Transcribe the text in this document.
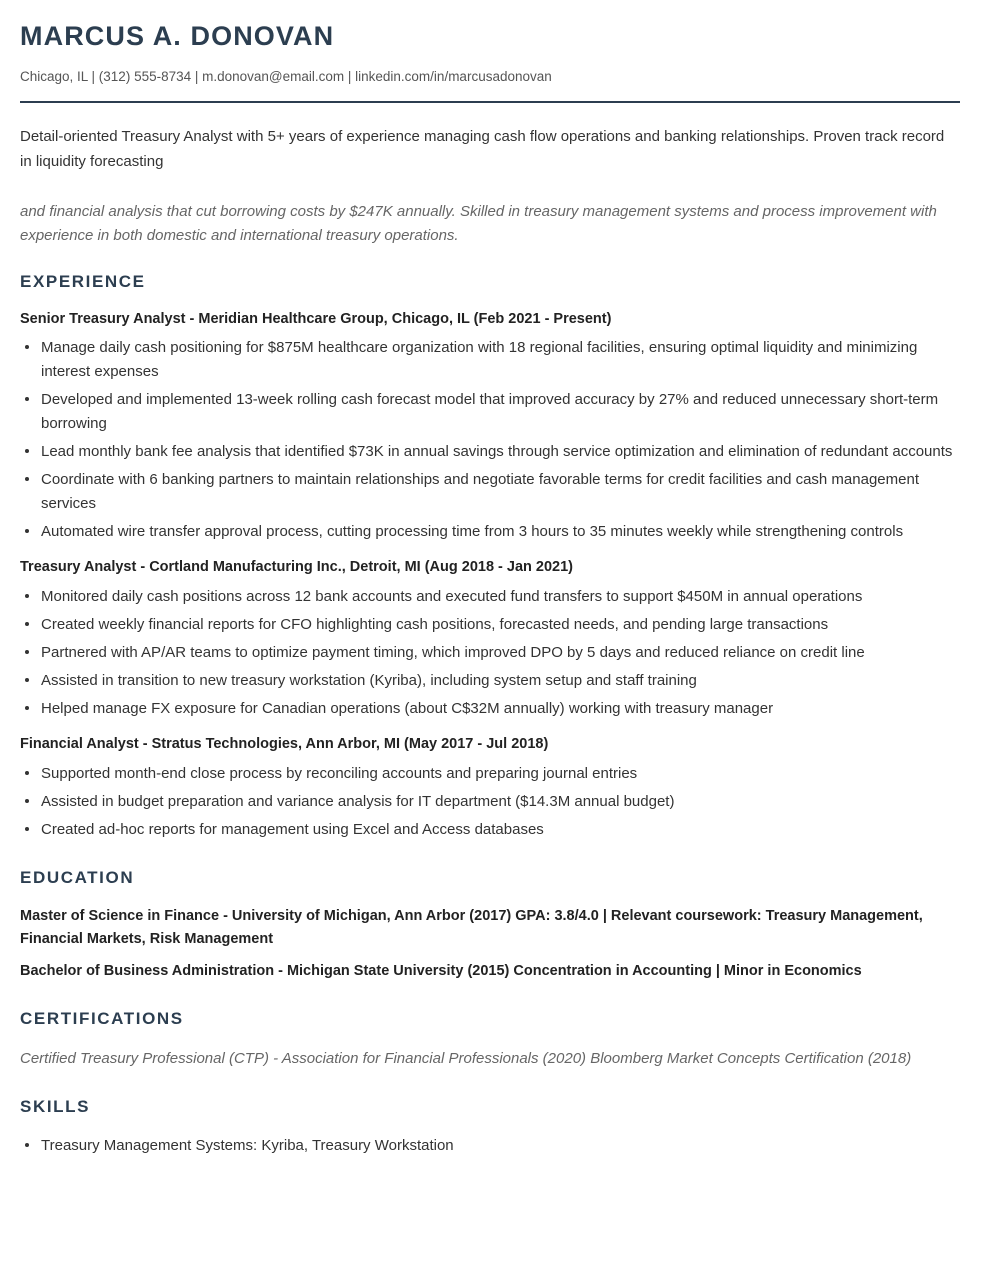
MARCUS A. DONOVAN
Chicago, IL | (312) 555-8734 | m.donovan@email.com | linkedin.com/in/marcusadonovan

Detail-oriented Treasury Analyst with 5+ years of experience managing cash flow operations and banking relationships. Proven track record in liquidity forecasting

and financial analysis that cut borrowing costs by $247K annually. Skilled in treasury management systems and process improvement with experience in both domestic and international treasury operations.

EXPERIENCE
Senior Treasury Analyst - Meridian Healthcare Group, Chicago, IL (Feb 2021 - Present)
Manage daily cash positioning for $875M healthcare organization with 18 regional facilities, ensuring optimal liquidity and minimizing interest expenses
Developed and implemented 13-week rolling cash forecast model that improved accuracy by 27% and reduced unnecessary short-term borrowing
Lead monthly bank fee analysis that identified $73K in annual savings through service optimization and elimination of redundant accounts
Coordinate with 6 banking partners to maintain relationships and negotiate favorable terms for credit facilities and cash management services
Automated wire transfer approval process, cutting processing time from 3 hours to 35 minutes weekly while strengthening controls
Treasury Analyst - Cortland Manufacturing Inc., Detroit, MI (Aug 2018 - Jan 2021)
Monitored daily cash positions across 12 bank accounts and executed fund transfers to support $450M in annual operations
Created weekly financial reports for CFO highlighting cash positions, forecasted needs, and pending large transactions
Partnered with AP/AR teams to optimize payment timing, which improved DPO by 5 days and reduced reliance on credit line
Assisted in transition to new treasury workstation (Kyriba), including system setup and staff training
Helped manage FX exposure for Canadian operations (about C$32M annually) working with treasury manager
Financial Analyst - Stratus Technologies, Ann Arbor, MI (May 2017 - Jul 2018)
Supported month-end close process by reconciling accounts and preparing journal entries
Assisted in budget preparation and variance analysis for IT department ($14.3M annual budget)
Created ad-hoc reports for management using Excel and Access databases
EDUCATION
Master of Science in Finance - University of Michigan, Ann Arbor (2017) GPA: 3.8/4.0 | Relevant coursework: Treasury Management, Financial Markets, Risk Management
Bachelor of Business Administration - Michigan State University (2015) Concentration in Accounting | Minor in Economics
CERTIFICATIONS

Certified Treasury Professional (CTP) - Association for Financial Professionals (2020) Bloomberg Market Concepts Certification (2018)

SKILLS
Treasury Management Systems: Kyriba, Treasury Workstation
